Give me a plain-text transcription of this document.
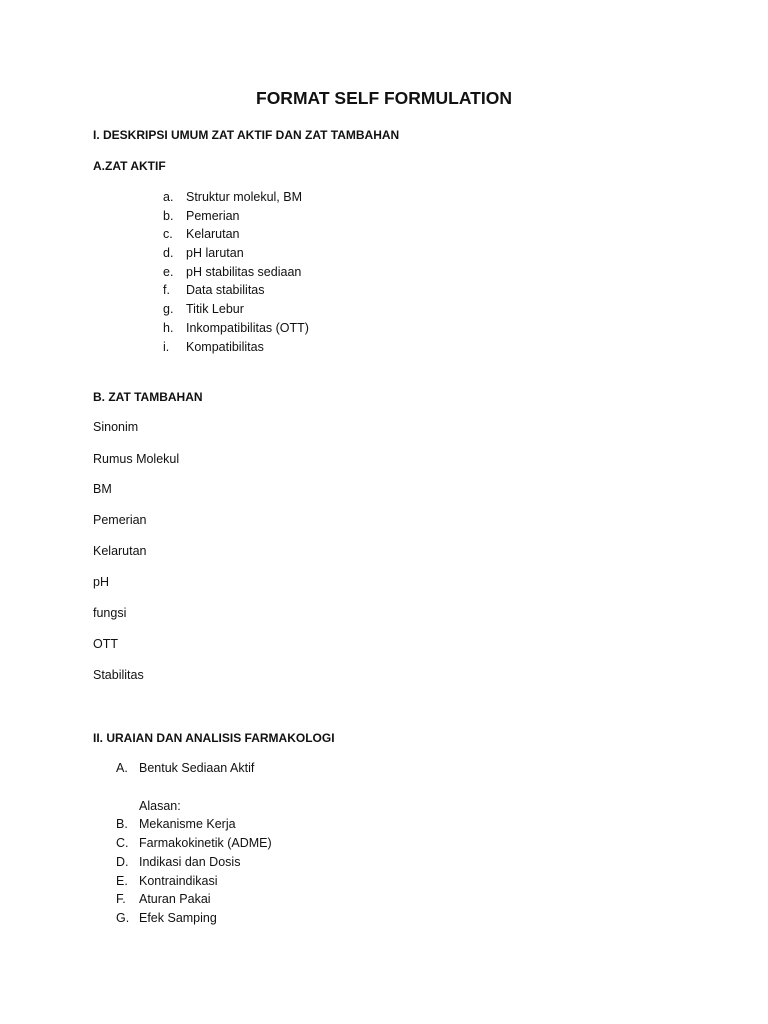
FORMAT SELF FORMULATION
I. DESKRIPSI UMUM ZAT AKTIF DAN ZAT TAMBAHAN
A.ZAT AKTIF
a. Struktur molekul, BM
b. Pemerian
c. Kelarutan
d. pH larutan
e. pH stabilitas sediaan
f. Data stabilitas
g. Titik Lebur
h. Inkompatibilitas (OTT)
i. Kompatibilitas
B. ZAT TAMBAHAN
Sinonim
Rumus Molekul
BM
Pemerian
Kelarutan
pH
fungsi
OTT
Stabilitas
II. URAIAN DAN ANALISIS FARMAKOLOGI
A. Bentuk Sediaan Aktif
Alasan:
B. Mekanisme Kerja
C. Farmakokinetik (ADME)
D. Indikasi dan Dosis
E. Kontraindikasi
F. Aturan Pakai
G. Efek Samping
